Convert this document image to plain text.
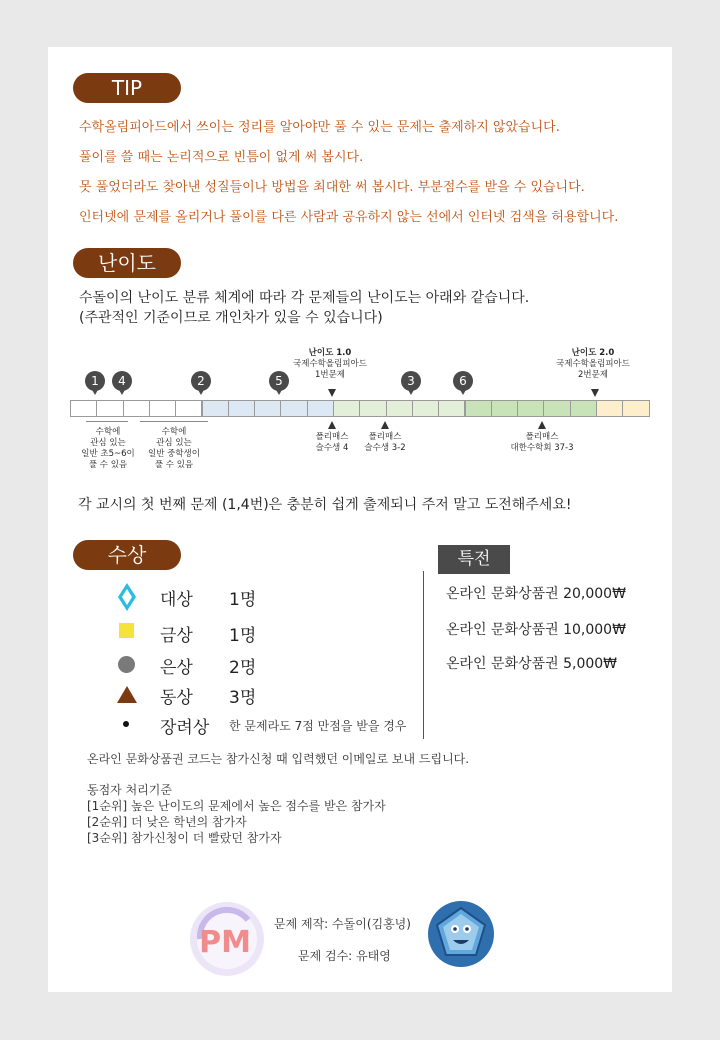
TIP
수학올림피아드에서 쓰이는 정리를 알아야만 풀 수 있는 문제는 출제하지 않았습니다.
풀이를 쓸 때는 논리적으로 빈틈이 없게 써 봅시다.
못 풀었더라도 찾아낸 성질들이나 방법을 최대한 써 봅시다. 부분점수를 받을 수 있습니다.
인터넷에 문제를 올리거나 풀이를 다른 사람과 공유하지 않는 선에서 인터넷 검색을 허용합니다.
난이도
수돌이의 난이도 분류 체계에 따라 각 문제들의 난이도는 아래와 같습니다.
(주관적인 기준이므로 개인차가 있을 수 있습니다)
난이도 1.0
국제수학올림피아드
1번문제
난이도 2.0
국제수학올림피아드
2번문제
1	4	2	5	3	6
수학에
관심 있는
일반 초5~6이
풀 수 있음
수학에
관심 있는
일반 중학생이
풀 수 있음
폴리매스
슬수생 4
폴리매스
슬수생 3-2
폴리매스
대한수학회 37-3
각 교시의 첫 번째 문제 (1,4번)은 충분히 쉽게 출제되니 주저 말고 도전해주세요!
수상
대상 1명
금상 1명
은상 2명
동상 3명
장려상 한 문제라도 7점 만점을 받을 경우
특전
온라인 문화상품권 20,000₩
온라인 문화상품권 10,000₩
온라인 문화상품권 5,000₩
온라인 문화상품권 코드는 참가신청 때 입력했던 이메일로 보내 드립니다.
동점자 처리기준
[1순위] 높은 난이도의 문제에서 높은 점수를 받은 참가자
[2순위] 더 낮은 학년의 참가자
[3순위] 참가신청이 더 빨랐던 참가자
PM
문제 제작: 수돌이(김홍녕)
문제 검수: 유태영
